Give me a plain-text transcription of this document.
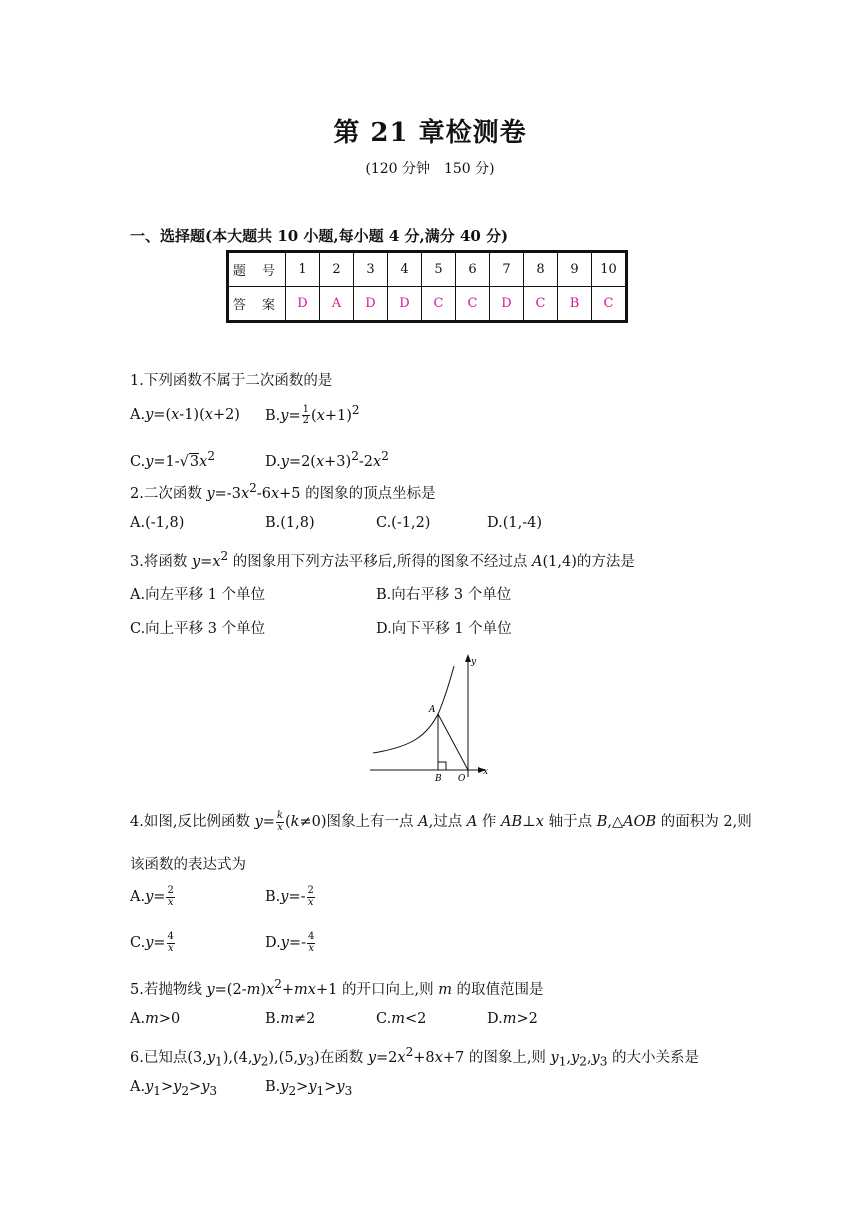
第 21 章检测卷
(120 分钟　150 分)
一、选择题(本大题共 10 小题,每小题 4 分,满分 40 分)
题 号	1	2	3	4	5	6	7	8	9	10
答 案	D	A	D	D	C	C	D	C	B	C
1.下列函数不属于二次函数的是
A.y=(x-1)(x+2) $B.y= \frac{1}{2} (x+1)^2$
$C.y=1-√3x^2$	$D.y=2(x+3)^2-2x^2$
2.二次函数 $y=-3x^2-6x+5$ 的图象的顶点坐标是
A.(-1,8)	B.(1,8)	C.(-1,2)	D.(1,-4)
3.将函数 $y=x^2$ 的图象用下列方法平移后,所得的图象不经过点 A(1,4)的方法是
A.向左平移 1 个单位	B.向右平移 3 个单位
C.向上平移 3 个单位	D.向下平移 1 个单位
y
x
A
B O
4.如图,反比例函数 $y= \frac{k}{x} (k\ne 0)$图象上有一点 A,过点 A 作 AB⊥x 轴于点 B,△AOB 的面积为 2,则
该函数的表达式为
$A.y= \frac{2}{x}$	$B.y=- \frac{2}{x}$
$C.y= \frac{4}{x}$	$D.y=- \frac{4}{x}$
5.若抛物线 $y=(2-m)x^2+mx+1$ 的开口向上,则 m 的取值范围是
A.m>0	B.m≠2	C.m<2	D.m>2
6.已知点$(3,y_1),(4,y_2),(5,y_3)$在函数 $y=2x^2+8x+7$ 的图象上,则 $y_1,y_2,y_3$ 的大小关系是
$A.y_1>y_2>y_3$	$B.y_2>y_1>y_3$
